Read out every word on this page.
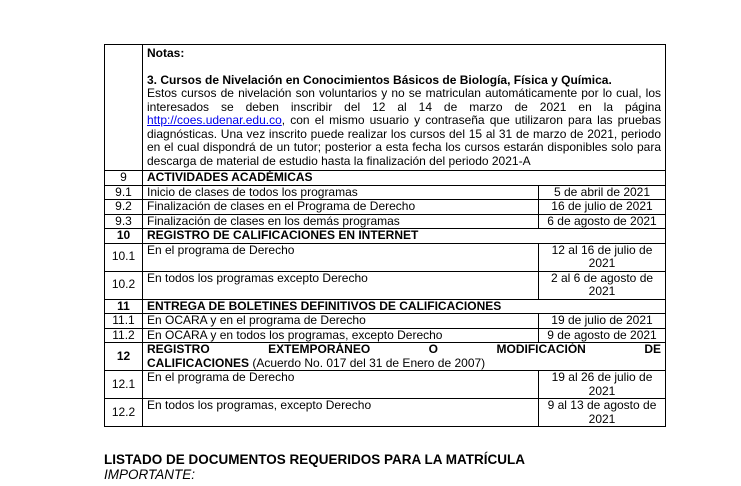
	Notas:

3. Cursos de Nivelación en Conocimientos Básicos de Biología, Física y Química.

Estos cursos de nivelación son voluntarios y no se matriculan automáticamente por lo cual, los interesados se deben inscribir del 12 al 14 de marzo de 2021 en la página http://coes.udenar.edu.co, con el mismo usuario y contraseña que utilizaron para las pruebas diagnósticas. Una vez inscrito puede realizar los cursos del 15 al 31 de marzo de 2021, periodo en el cual dispondrá de un tutor; posterior a esta fecha los cursos estarán disponibles solo para descarga de material de estudio hasta la finalización del periodo 2021-A	

9	ACTIVIDADES ACADÉMICAS	
9.1	Inicio de clases de todos los programas	5 de abril de 2021
9.2	Finalización de clases en el Programa de Derecho	16 de julio de 2021
9.3	Finalización de clases en los demás programas	6 de agosto de 2021
10	REGISTRO DE CALIFICACIONES EN INTERNET	
10.1	En el programa de Derecho	12 al 16 de julio de 2021
10.2	En todos los programas excepto Derecho	2 al 6 de agosto de 2021
11	ENTREGA DE BOLETINES DEFINITIVOS DE CALIFICACIONES	
11.1	En OCARA y en el programa de Derecho	19 de julio de 2021
11.2	En OCARA y en todos los programas, excepto Derecho	9 de agosto de 2021
12	REGISTRO EXTEMPORÁNEO O MODIFICACIÓN DE
CALIFICACIONES (Acuerdo No. 017 del 31 de Enero de 2007)	

12.1	En el programa de Derecho	19 al 26 de julio de 2021
12.2	En todos los programas, excepto Derecho	9 al 13 de agosto de 2021
LISTADO DE DOCUMENTOS REQUERIDOS PARA LA MATRÍCULA
IMPORTANTE:
